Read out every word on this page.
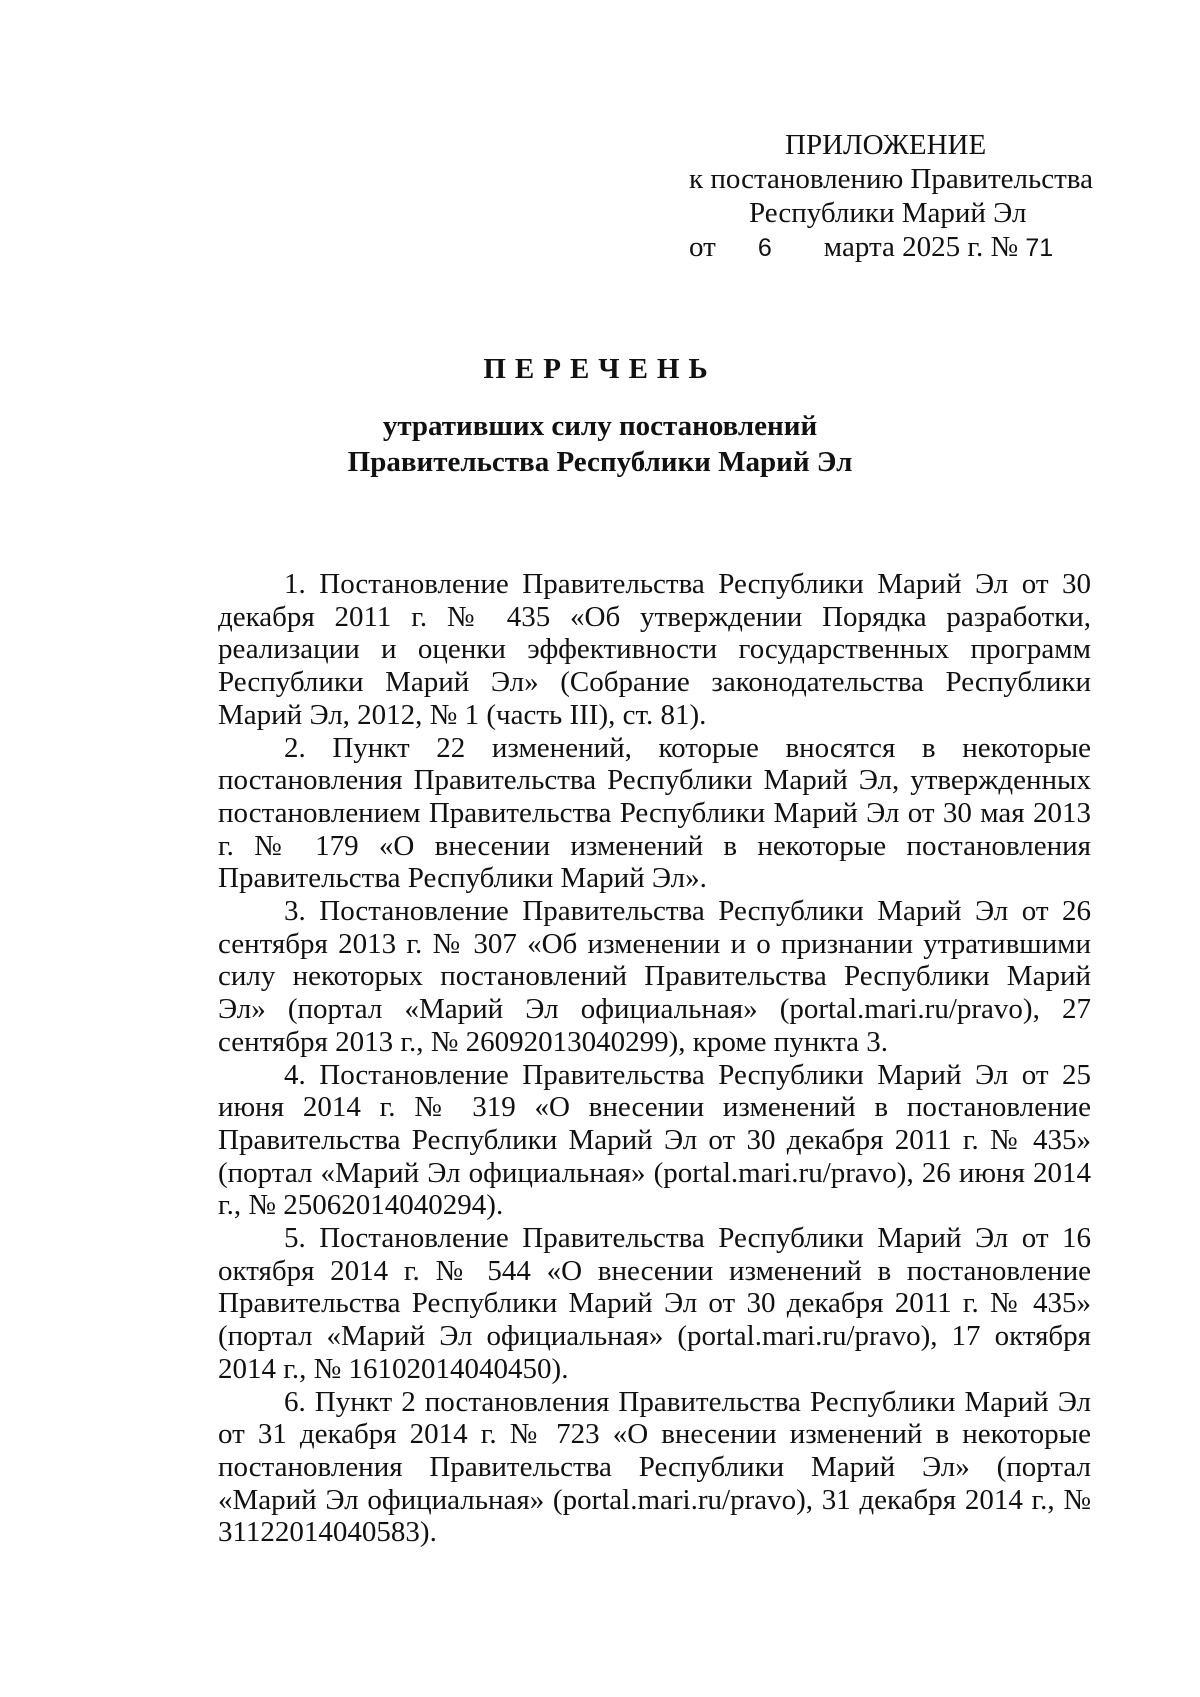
ПРИЛОЖЕНИЕ
к постановлению Правительства
Республики Марий Эл
от 6 марта 2025 г. № 71
ПЕРЕЧЕНЬ
утративших силу постановлений
Правительства Республики Марий Эл

1. Постановление Правительства Республики Марий Эл от 30 декабря 2011 г. № 435 «Об утверждении Порядка разработки, реализации и оценки эффективности государственных программ Республики Марий Эл» (Собрание законодательства Республики Марий Эл, 2012, № 1 (часть III), ст. 81).

2. Пункт 22 изменений, которые вносятся в некоторые постановления Правительства Республики Марий Эл, утвержденных постановлением Правительства Республики Марий Эл от 30 мая 2013 г. № 179 «О внесении изменений в некоторые постановления Правительства Республики Марий Эл».

3. Постановление Правительства Республики Марий Эл от 26 сентября 2013 г. № 307 «Об изменении и о признании утратившими силу некоторых постановлений Правительства Республики Марий Эл» (портал «Марий Эл официальная» (portal.mari.ru/pravo), 27 сентября 2013 г., № 26092013040299), кроме пункта 3.

4. Постановление Правительства Республики Марий Эл от 25 июня 2014 г. № 319 «О внесении изменений в постановление Правительства Республики Марий Эл от 30 декабря 2011 г. № 435» (портал «Марий Эл официальная» (portal.mari.ru/pravo), 26 июня 2014 г., № 25062014040294).

5. Постановление Правительства Республики Марий Эл от 16 октября 2014 г. № 544 «О внесении изменений в постановление Правительства Республики Марий Эл от 30 декабря 2011 г. № 435» (портал «Марий Эл официальная» (portal.mari.ru/pravo), 17 октября 2014 г., № 16102014040450).

6. Пункт 2 постановления Правительства Республики Марий Эл от 31 декабря 2014 г. № 723 «О внесении изменений в некоторые постановления Правительства Республики Марий Эл» (портал «Марий Эл официальная» (portal.mari.ru/pravo), 31 декабря 2014 г., № 31122014040583).
